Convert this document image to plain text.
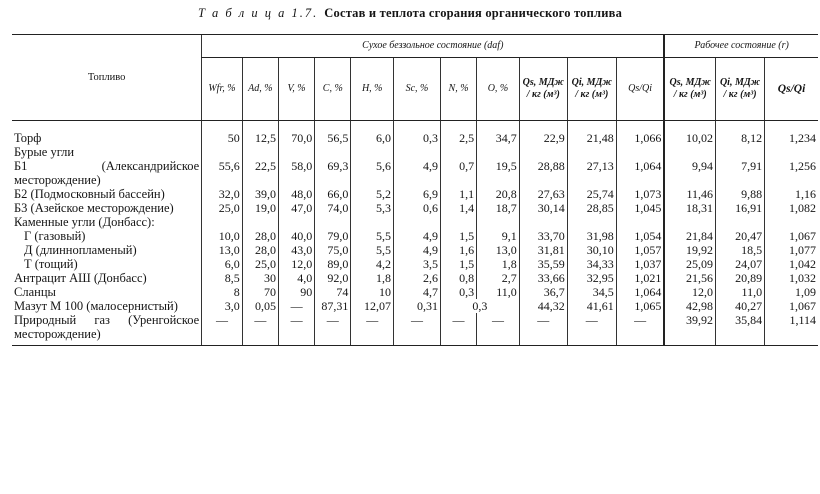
Т а б л и ц а 1.7. Состав и теплота сгорания органического топлива
Топливо	Сухое беззольное состояние (daf)											Рабочее состояние (r)		
	Wfr, %	Ad, %	V, %	C, %	H, %	Sc, %	N, %	O, %	Qs, МДж / кг (м³)	Qi, МДж / кг (м³)	Qs/Qi	Qs, МДж / кг (м³)	Qi, МДж / кг (м³)	Qs/Qi
Торф	50	12,5	70,0	56,5	6,0	0,3	2,5	34,7	22,9	21,48	1,066	10,02	8,12	1,234
Бурые угли														
Б1 (Александрийское месторождение)	55,6	22,5	58,0	69,3	5,6	4,9	0,7	19,5	28,88	27,13	1,064	9,94	7,91	1,256
Б2 (Подмосковный бассейн)	32,0	39,0	48,0	66,0	5,2	6,9	1,1	20,8	27,63	25,74	1,073	11,46	9,88	1,16
Б3 (Азейское месторождение)	25,0	19,0	47,0	74,0	5,3	0,6	1,4	18,7	30,14	28,85	1,045	18,31	16,91	1,082
Каменные угли (Донбасс):														
Г (газовый)	10,0	28,0	40,0	79,0	5,5	4,9	1,5	9,1	33,70	31,98	1,054	21,84	20,47	1,067
Д (длиннопламеный)	13,0	28,0	43,0	75,0	5,5	4,9	1,6	13,0	31,81	30,10	1,057	19,92	18,5	1,077
Т (тощий)	6,0	25,0	12,0	89,0	4,2	3,5	1,5	1,8	35,59	34,33	1,037	25,09	24,07	1,042
Антрацит АШ (Донбасс)	8,5	30	4,0	92,0	1,8	2,6	0,8	2,7	33,66	32,95	1,021	21,56	20,89	1,032
Сланцы	8	70	90	74	10	4,7	0,3	11,0	36,7	34,5	1,064	12,0	11,0	1,09
Мазут М 100 (малосернистый)	3,0	0,05	—	87,31	12,07	0,31	0,3		44,32	41,61	1,065	42,98	40,27	1,067
Природный газ (Уренгойское месторождение)	—	—	—	—	—	—	—	—	—	—	—	39,92	35,84	1,114
